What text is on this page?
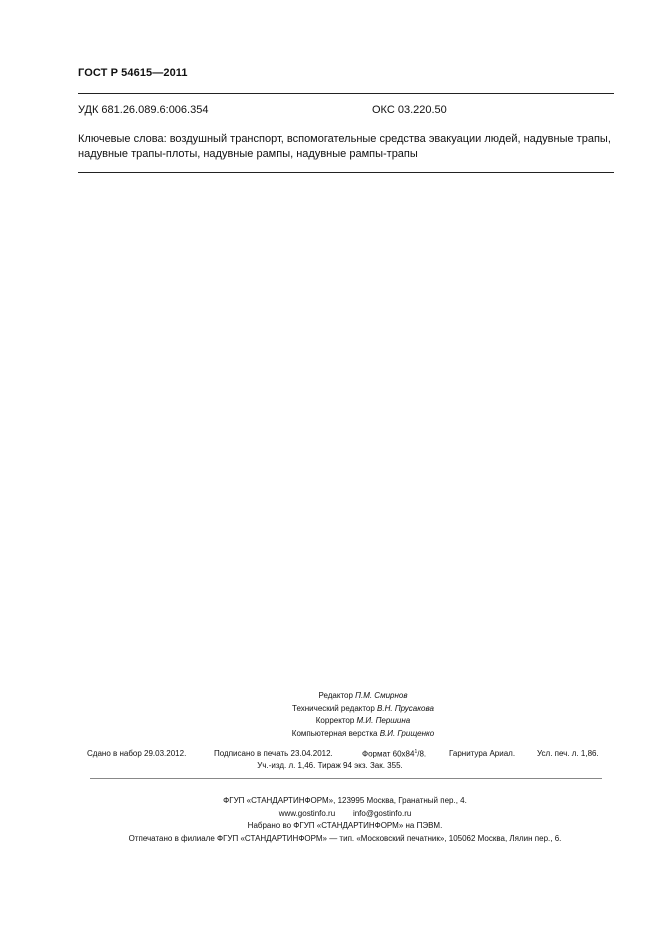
ГОСТ Р 54615—2011
УДК 681.26.089.6:006.354	ОКС 03.220.50
Ключевые слова: воздушный транспорт, вспомогательные средства эвакуации людей, надувные трапы,
надувные трапы-плоты, надувные рампы, надувные рампы-трапы
Редактор П.М. Смирнов
Технический редактор В.Н. Прусакова
Корректор М.И. Першина
Компьютерная верстка В.И. Грищенко
Сдано в набор 29.03.2012.	Подписано в печать 23.04.2012.	Формат $60х84^1/8$.	Гарнитура Ариал.	Усл. печ. л. 1,86.
Уч.-изд. л. 1,46. Тираж 94 экз. Зак. 355.
ФГУП «СТАНДАРТИНФОРМ», 123995 Москва, Гранатный пер., 4.
www.gostinfo.ru        info@gostinfo.ru
Набрано во ФГУП «СТАНДАРТИНФОРМ» на ПЭВМ.
Отпечатано в филиале ФГУП «СТАНДАРТИНФОРМ» — тип. «Московский печатник», 105062 Москва, Лялин пер., 6.
